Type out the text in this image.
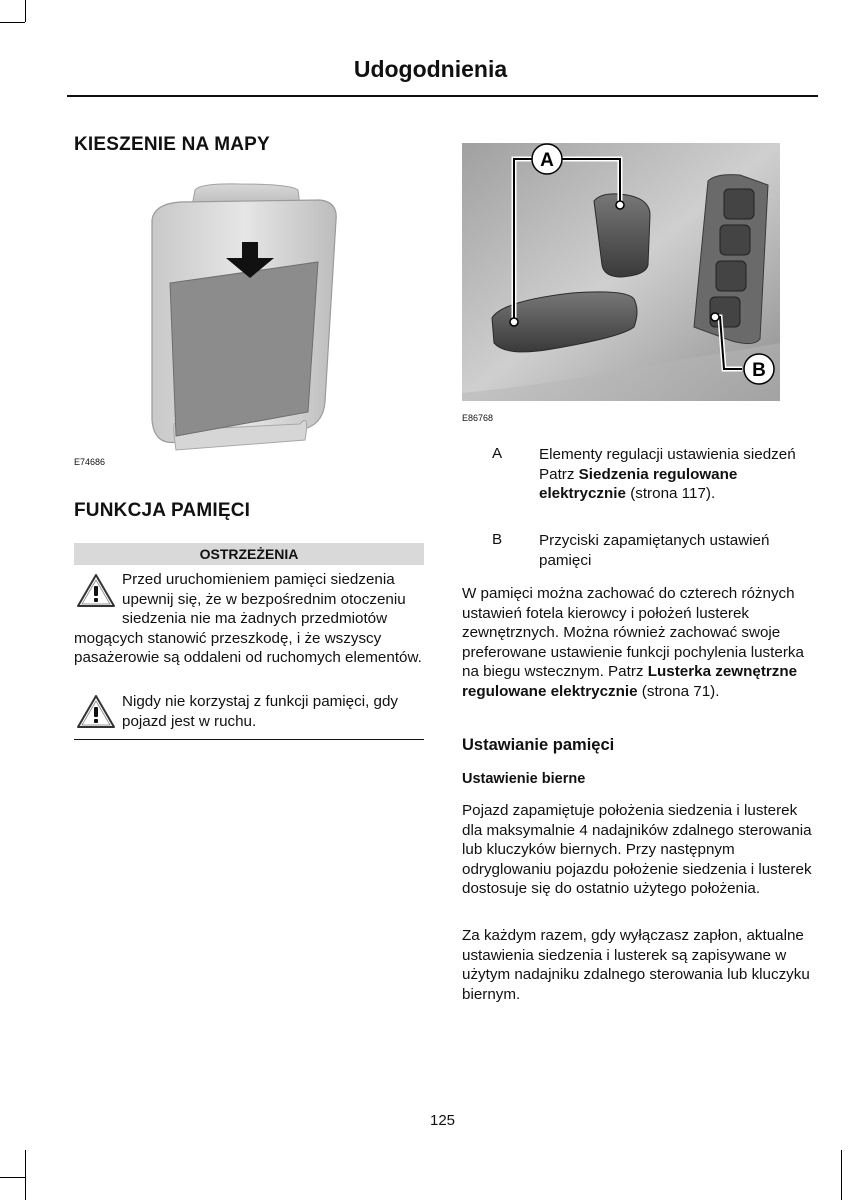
Udogodnienia
KIESZENIE NA MAPY
E74686
FUNKCJA PAMIĘCI
OSTRZEŻENIA
Przed uruchomieniem pamięci siedzenia upewnij się, że w bezpośrednim otoczeniu siedzenia nie ma żadnych przedmiotów mogących stanowić przeszkodę, i że wszyscy pasażerowie są oddaleni od ruchomych elementów.
Nigdy nie korzystaj z funkcji pamięci, gdy pojazd jest w ruchu.
A
B
E86768
A Elementy regulacji ustawienia siedzeń Patrz Siedzenia regulowane elektrycznie (strona 117).
B Przyciski zapamiętanych ustawień pamięci
W pamięci można zachować do czterech różnych ustawień fotela kierowcy i położeń lusterek zewnętrznych. Można również zachować swoje preferowane ustawienie funkcji pochylenia lusterka na biegu wstecznym. Patrz Lusterka zewnętrzne regulowane elektrycznie (strona 71).
Ustawianie pamięci
Ustawienie bierne
Pojazd zapamiętuje położenia siedzenia i lusterek dla maksymalnie 4 nadajników zdalnego sterowania lub kluczyków biernych. Przy następnym odryglowaniu pojazdu położenie siedzenia i lusterek dostosuje się do ostatnio użytego położenia.
Za każdym razem, gdy wyłączasz zapłon, aktualne ustawienia siedzenia i lusterek są zapisywane w użytym nadajniku zdalnego sterowania lub kluczyku biernym.
125
